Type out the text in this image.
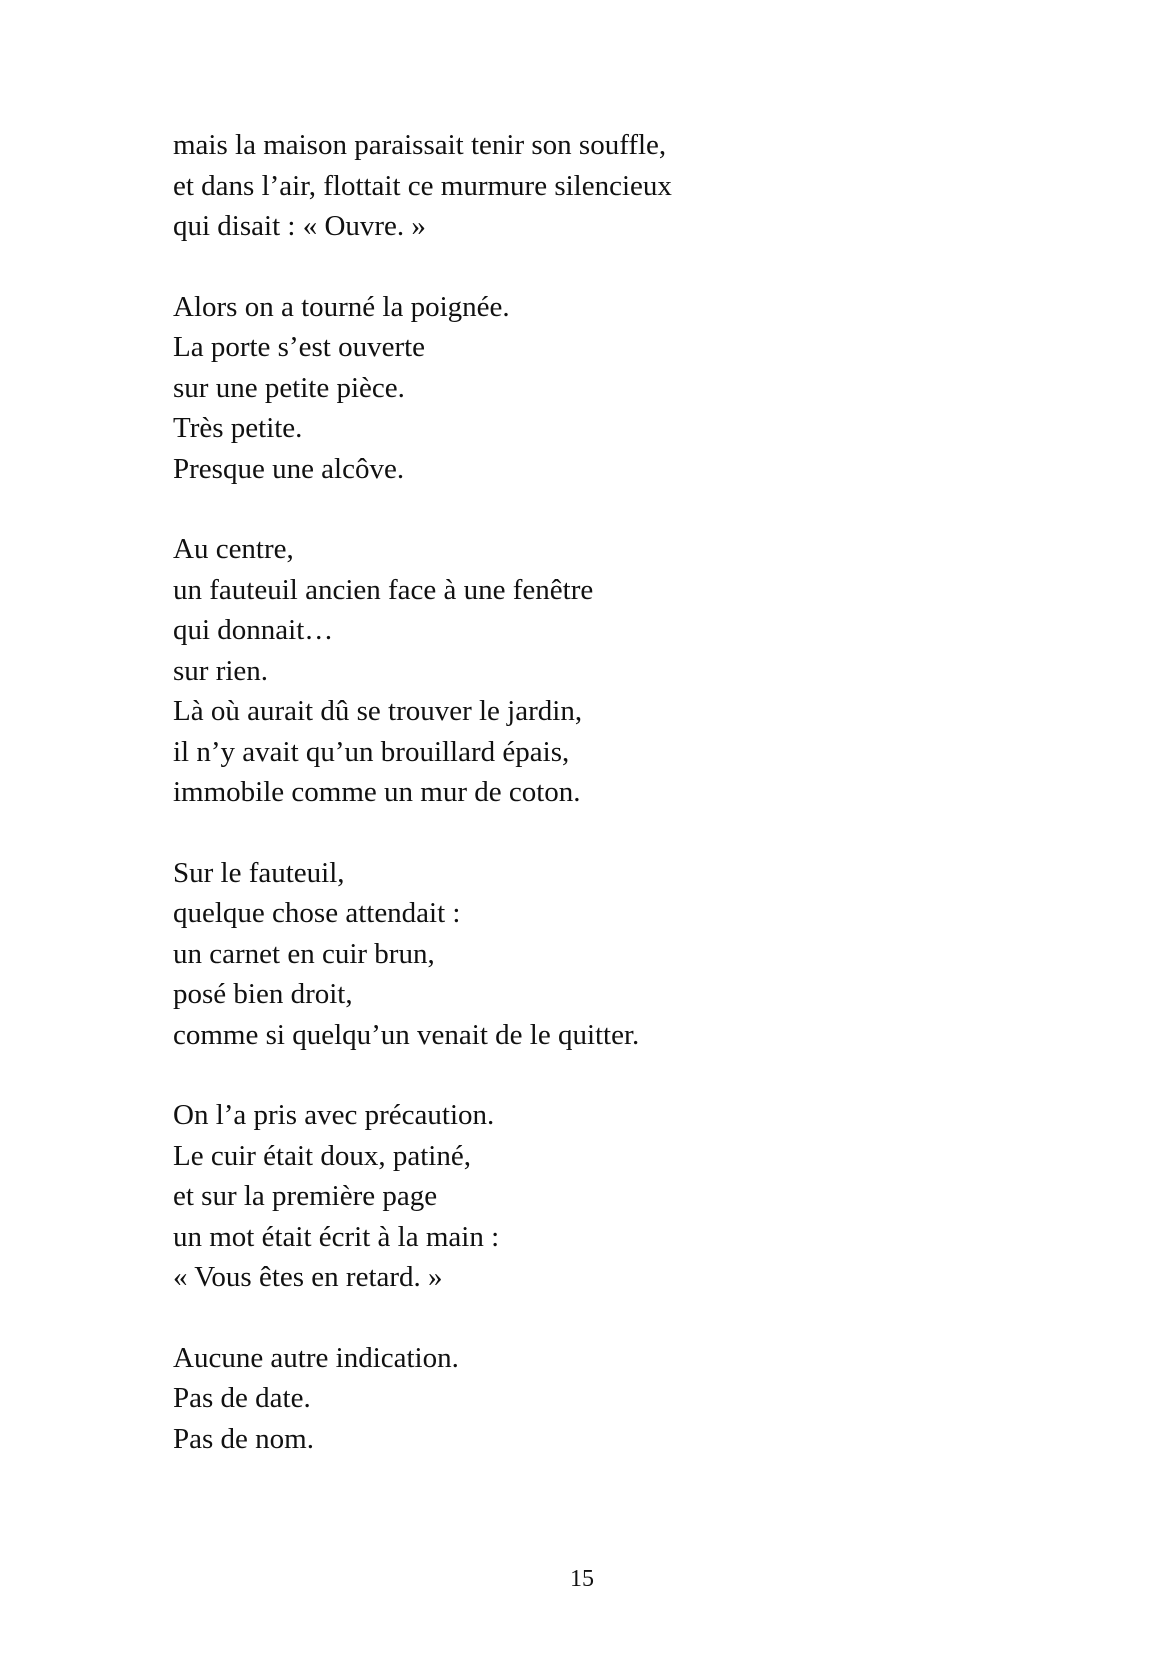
mais la maison paraissait tenir son souffle,
et dans l’air, flottait ce murmure silencieux
qui disait : « Ouvre. »
Alors on a tourné la poignée.
La porte s’est ouverte
sur une petite pièce.
Très petite.
Presque une alcôve.
Au centre,
un fauteuil ancien face à une fenêtre
qui donnait…
sur rien.
Là où aurait dû se trouver le jardin,
il n’y avait qu’un brouillard épais,
immobile comme un mur de coton.
Sur le fauteuil,
quelque chose attendait :
un carnet en cuir brun,
posé bien droit,
comme si quelqu’un venait de le quitter.
On l’a pris avec précaution.
Le cuir était doux, patiné,
et sur la première page
un mot était écrit à la main :
« Vous êtes en retard. »
Aucune autre indication.
Pas de date.
Pas de nom.
15
